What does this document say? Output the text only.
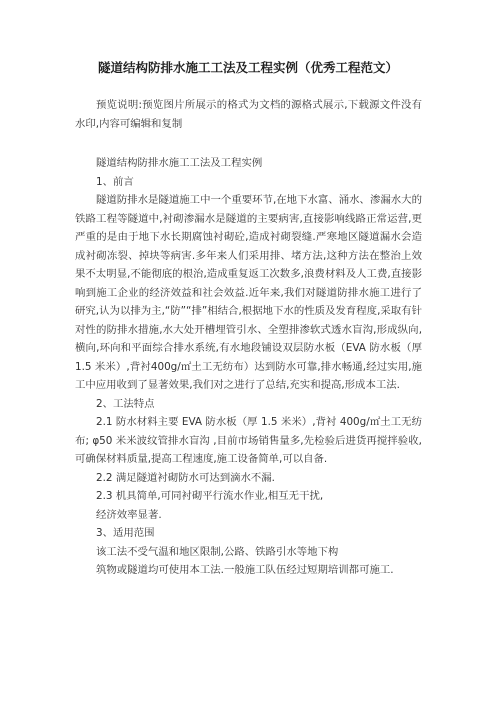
隧道结构防排水施工工法及工程实例（优秀工程范文）

预览说明:预览图片所展示的格式为文档的源格式展示,下载源文件没有水印,内容可编辑和复制

隧道结构防排水施工工法及工程实例

1、前言

隧道防排水是隧道施工中一个重要环节,在地下水富、涌水、渗漏水大的铁路工程等隧道中,衬砌渗漏水是隧道的主要病害,直接影响线路正常运营,更严重的是由于地下水长期腐蚀衬砌砼,造成衬砌裂缝.严寒地区隧道漏水会造成衬砌冻裂、掉块等病害.多年来人们采用排、堵方法,这种方法在整治上效果不太明显,不能彻底的根治,造成重复返工次数多,浪费材料及人工费,直接影响到施工企业的经济效益和社会效益.近年来,我们对隧道防排水施工进行了研究,认为以排为主,“防”“排”相结合,根据地下水的性质及发育程度,采取有针对性的防排水措施,水大处开槽埋管引水、全塑排渗软式透水盲沟,形成纵向,横向,环向和平面综合排水系统,有水地段铺设双层防水板（EVA 防水板（厚 1.5 米米）,背衬400g/㎡土工无纺布）达到防水可靠,排水畅通,经过实用,施工中应用收到了显著效果,我们对之进行了总结,充实和提高,形成本工法.

2、工法特点

2.1 防水材料主要 EVA 防水板（厚 1.5 米米）,背衬 400g/㎡土工无纺布; φ50 米米波纹管排水盲沟 ,目前市场销售量多,先检验后进货再搅拌验收,可确保材料质量,提高工程速度,施工设备简单,可以自备.

2.2 满足隧道衬砌防水可达到滴水不漏.

2.3 机具简单,可同衬砌平行流水作业,相互无干扰,

经济效率显著.

3、适用范围

该工法不受气温和地区限制,公路、铁路引水等地下构

筑物或隧道均可使用本工法.一般施工队伍经过短期培训都可施工.
